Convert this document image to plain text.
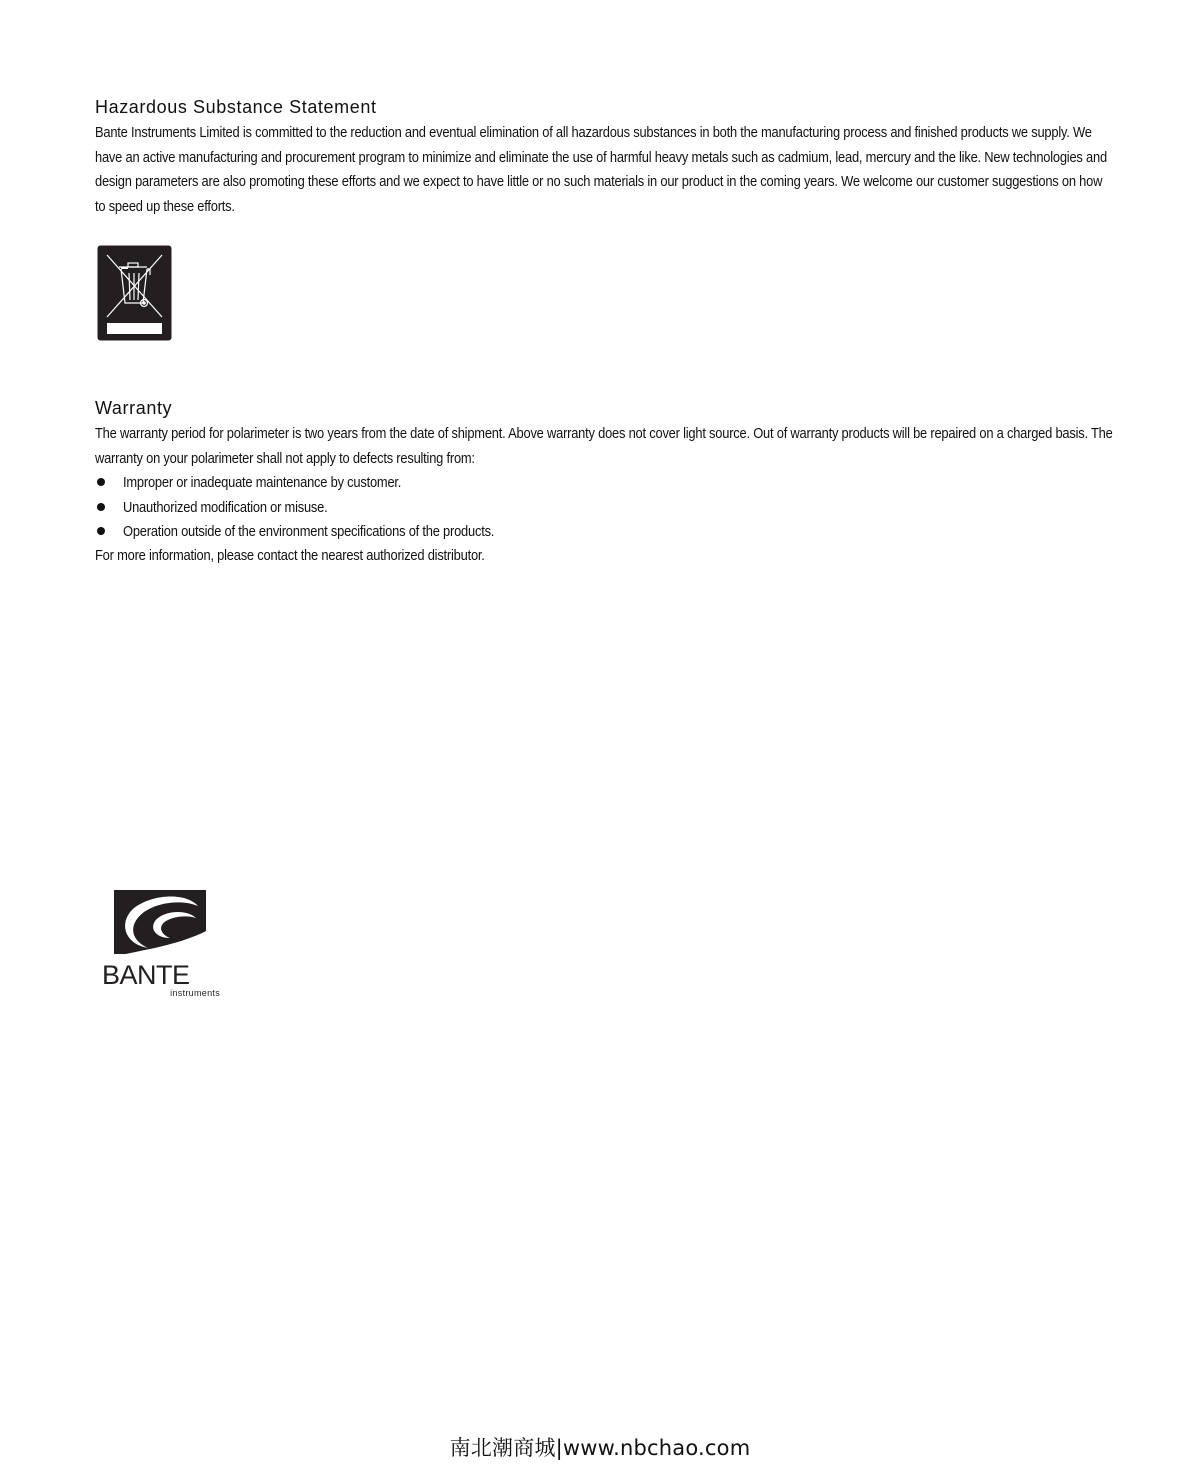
Hazardous Substance Statement

Bante Instruments Limited is committed to the reduction and eventual elimination of all hazardous substances in both the manufacturing process and finished products we supply. We have an active manufacturing and procurement program to minimize and eliminate the use of harmful heavy metals such as cadmium, lead, mercury and the like. New technologies and design parameters are also promoting these efforts and we expect to have little or no such materials in our product in the coming years. We welcome our customer suggestions on how to speed up these efforts.

Warranty

The warranty period for polarimeter is two years from the date of shipment. Above warranty does not cover light source. Out of warranty products will be repaired on a charged basis. The warranty on your polarimeter shall not apply to defects resulting from:

Improper or inadequate maintenance by customer.
Unauthorized modification or misuse.
Operation outside of the environment specifications of the products.

For more information, please contact the nearest authorized distributor.

BANTE
instruments
南北潮商城|www.nbchao.com
